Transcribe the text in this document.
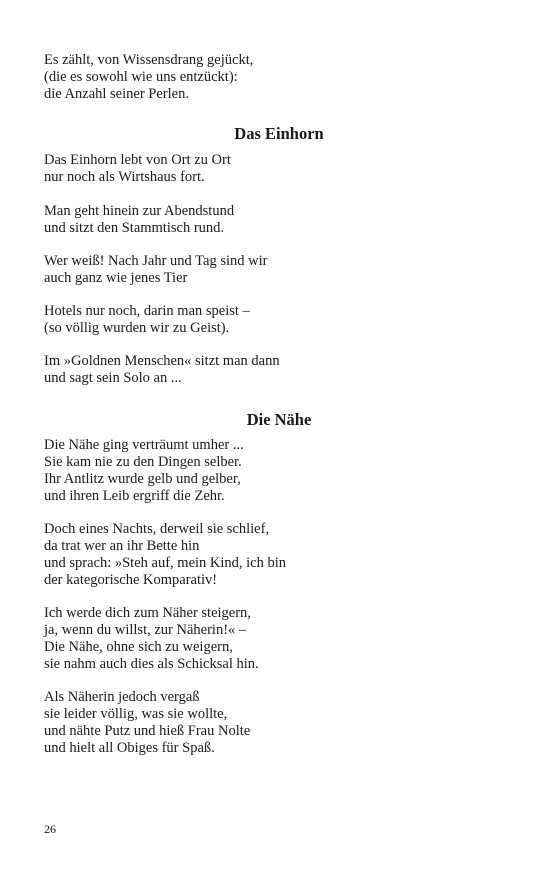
Es zählt, von Wissensdrang gejückt,
(die es sowohl wie uns entzückt):
die Anzahl seiner Perlen.
Das Einhorn
Das Einhorn lebt von Ort zu Ort
nur noch als Wirtshaus fort.
Man geht hinein zur Abendstund
und sitzt den Stammtisch rund.
Wer weiß! Nach Jahr und Tag sind wir
auch ganz wie jenes Tier
Hotels nur noch, darin man speist –
(so völlig wurden wir zu Geist).
Im »Goldnen Menschen« sitzt man dann
und sagt sein Solo an ...
Die Nähe
Die Nähe ging verträumt umher ...
Sie kam nie zu den Dingen selber.
Ihr Antlitz wurde gelb und gelber,
und ihren Leib ergriff die Zehr.
Doch eines Nachts, derweil sie schlief,
da trat wer an ihr Bette hin
und sprach: »Steh auf, mein Kind, ich bin
der kategorische Komparativ!
Ich werde dich zum Näher steigern,
ja, wenn du willst, zur Näherin!« –
Die Nähe, ohne sich zu weigern,
sie nahm auch dies als Schicksal hin.
Als Näherin jedoch vergaß
sie leider völlig, was sie wollte,
und nähte Putz und hieß Frau Nolte
und hielt all Obiges für Spaß.
26
